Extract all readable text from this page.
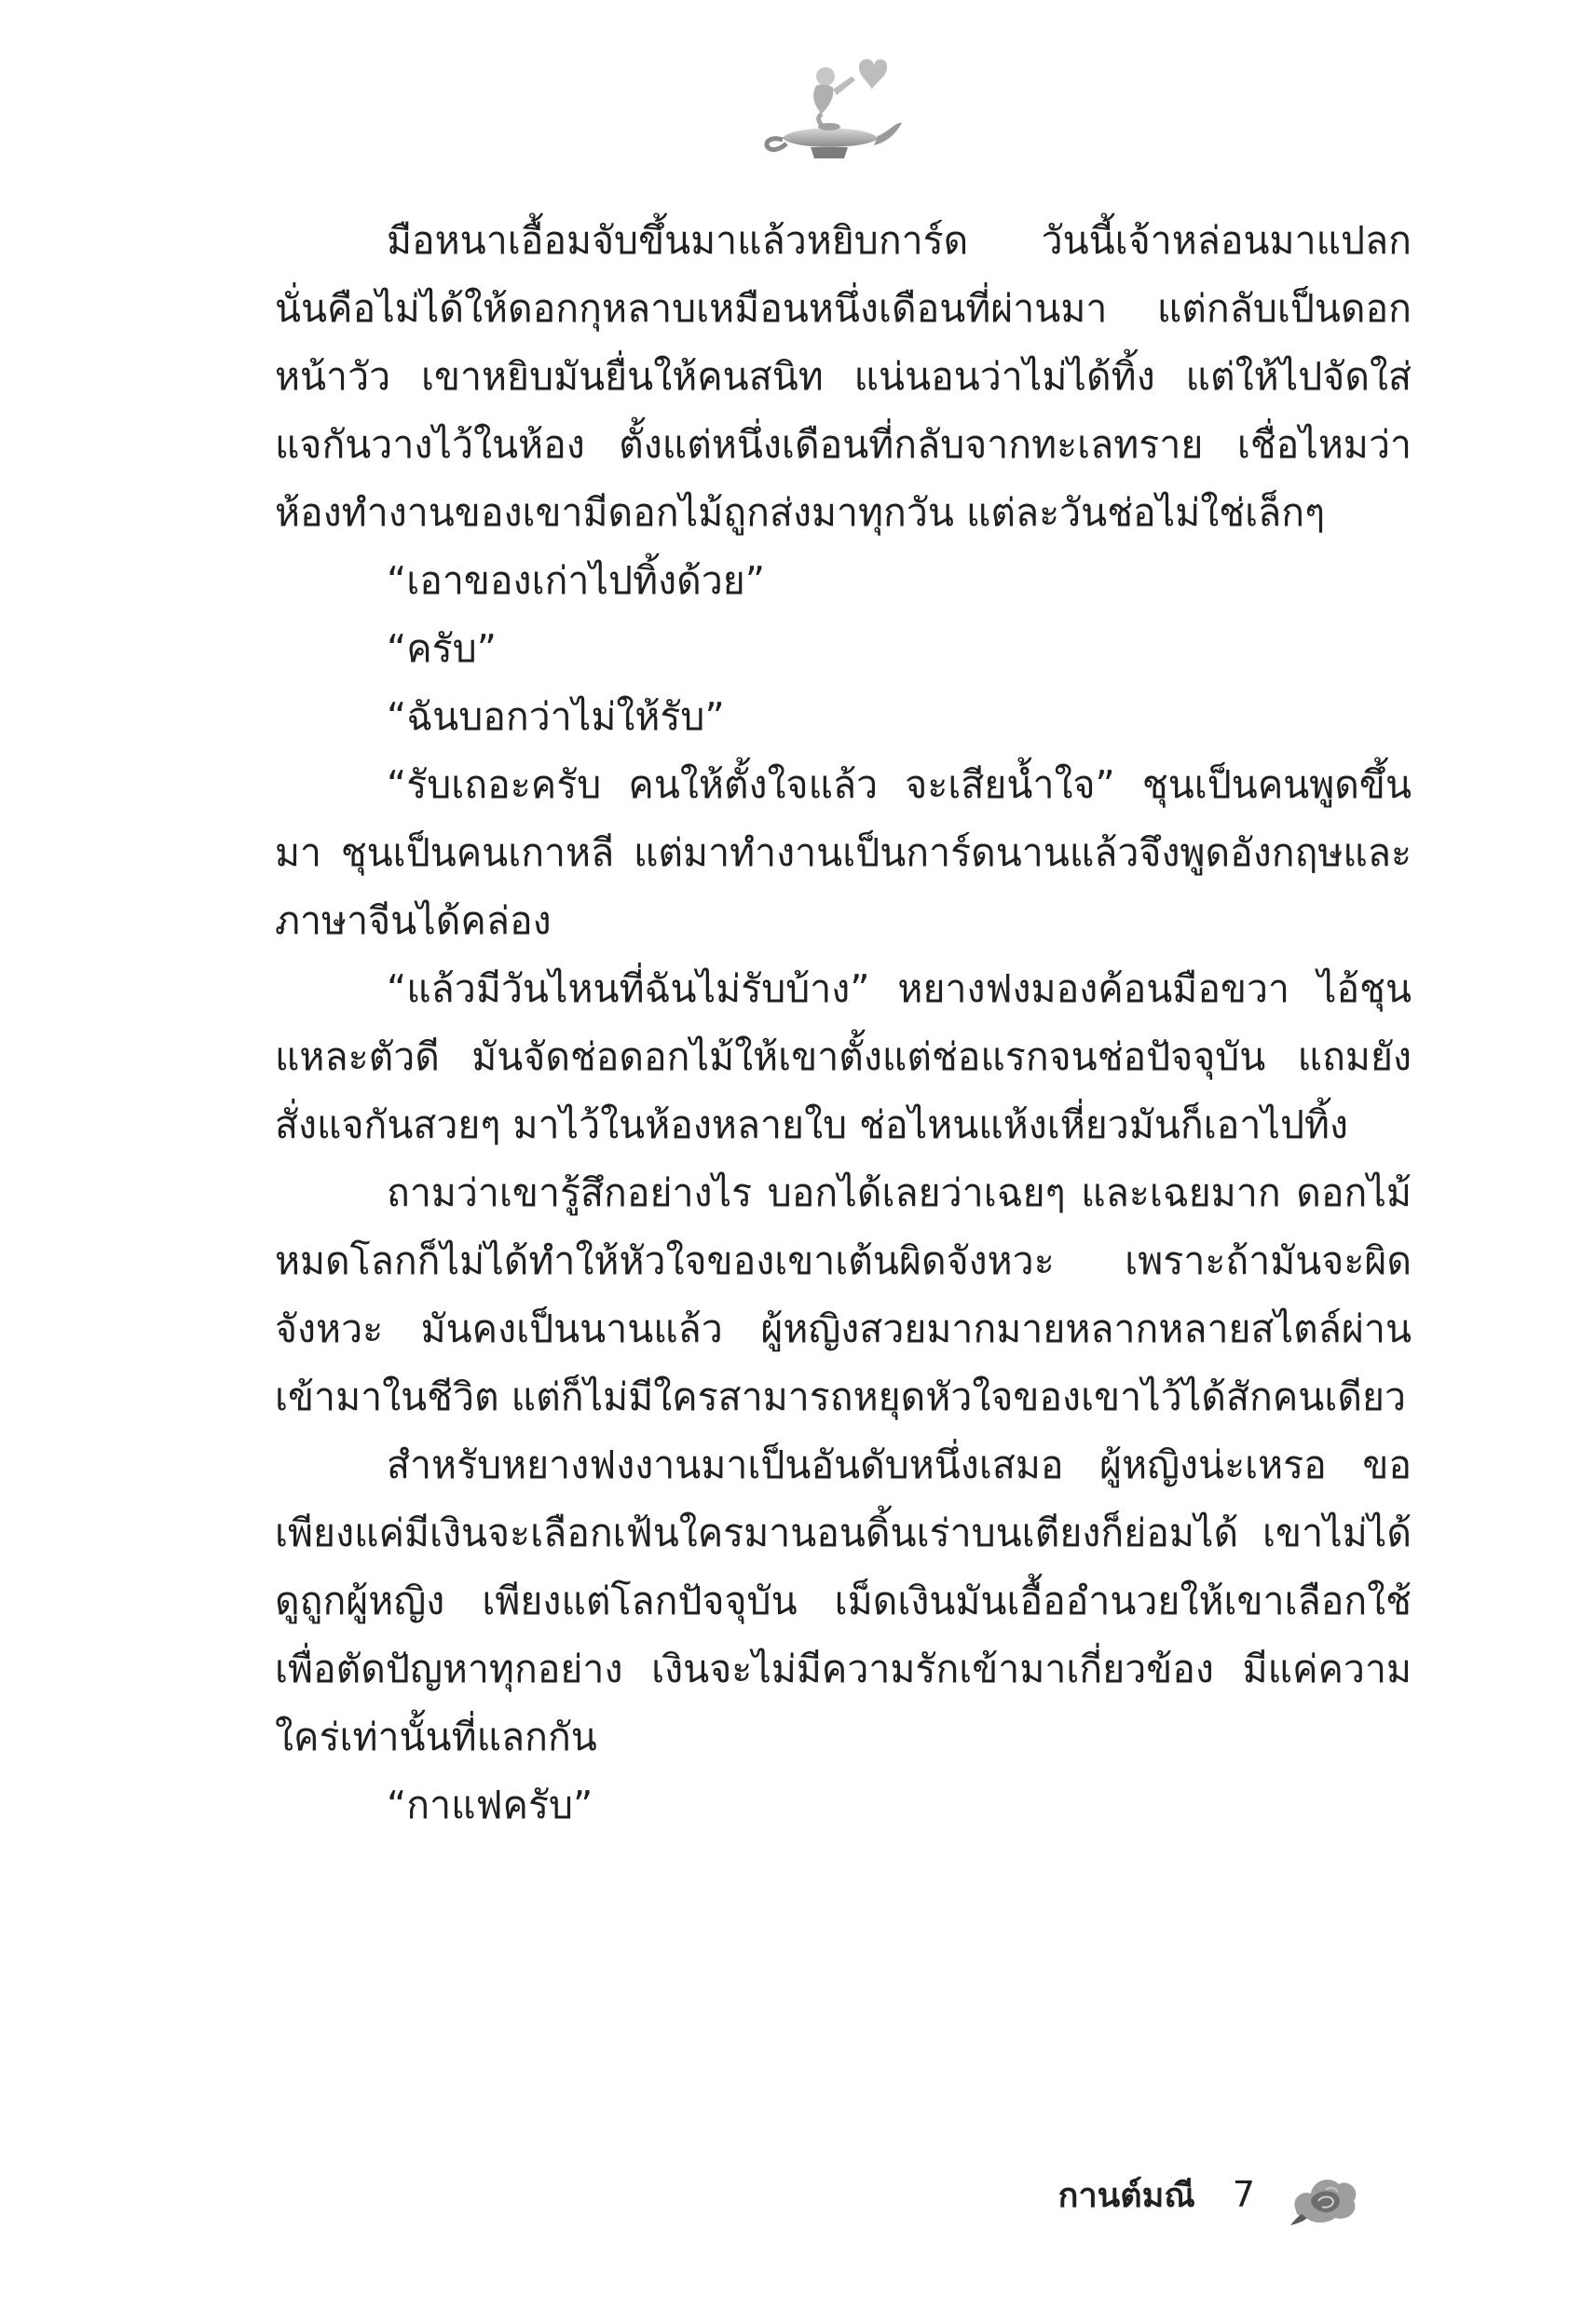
มือหนาเอื้อมจับขึ้นมาแล้วหยิบการ์ด วันนี้เจ้าหล่อนมาแปลก นั่นคือไม่ได้ให้ดอกกุหลาบเหมือนหนึ่งเดือนที่ผ่านมา แต่กลับเป็นดอกหน้าวัว เขาหยิบมันยื่นให้คนสนิท แน่นอนว่าไม่ได้ทิ้ง แต่ให้ไปจัดใส่แจกันวางไว้ในห้อง ตั้งแต่หนึ่งเดือนที่กลับจากทะเลทราย เชื่อไหมว่าห้องทำงานของเขามีดอกไม้ถูกส่งมาทุกวัน แต่ละวันช่อไม่ใช่เล็กๆ

“เอาของเก่าไปทิ้งด้วย”

“ครับ”

“ฉันบอกว่าไม่ให้รับ”

“รับเถอะครับ คนให้ตั้งใจแล้ว จะเสียน้ำใจ” ชุนเป็นคนพูดขึ้นมา ชุนเป็นคนเกาหลี แต่มาทำงานเป็นการ์ดนานแล้วจึงพูดอังกฤษและภาษาจีนได้คล่อง

“แล้วมีวันไหนที่ฉันไม่รับบ้าง” หยางฟงมองค้อนมือขวา ไอ้ชุนแหละตัวดี มันจัดช่อดอกไม้ให้เขาตั้งแต่ช่อแรกจนช่อปัจจุบัน แถมยังสั่งแจกันสวยๆ มาไว้ในห้องหลายใบ ช่อไหนแห้งเหี่ยวมันก็เอาไปทิ้ง

ถามว่าเขารู้สึกอย่างไร บอกได้เลยว่าเฉยๆ และเฉยมาก ดอกไม้หมดโลกก็ไม่ได้ทำให้หัวใจของเขาเต้นผิดจังหวะ เพราะถ้ามันจะผิดจังหวะ มันคงเป็นนานแล้ว ผู้หญิงสวยมากมายหลากหลายสไตล์ผ่านเข้ามาในชีวิต แต่ก็ไม่มีใครสามารถหยุดหัวใจของเขาไว้ได้สักคนเดียว

สำหรับหยางฟงงานมาเป็นอันดับหนึ่งเสมอ ผู้หญิงน่ะเหรอ ขอเพียงแค่มีเงินจะเลือกเฟ้นใครมานอนดิ้นเร่าบนเตียงก็ย่อมได้ เขาไม่ได้ดูถูกผู้หญิง เพียงแต่โลกปัจจุบัน เม็ดเงินมันเอื้ออำนวยให้เขาเลือกใช้เพื่อตัดปัญหาทุกอย่าง เงินจะไม่มีความรักเข้ามาเกี่ยวข้อง มีแค่ความใคร่เท่านั้นที่แลกกัน

“กาแฟครับ”

กานต์มณี 7
